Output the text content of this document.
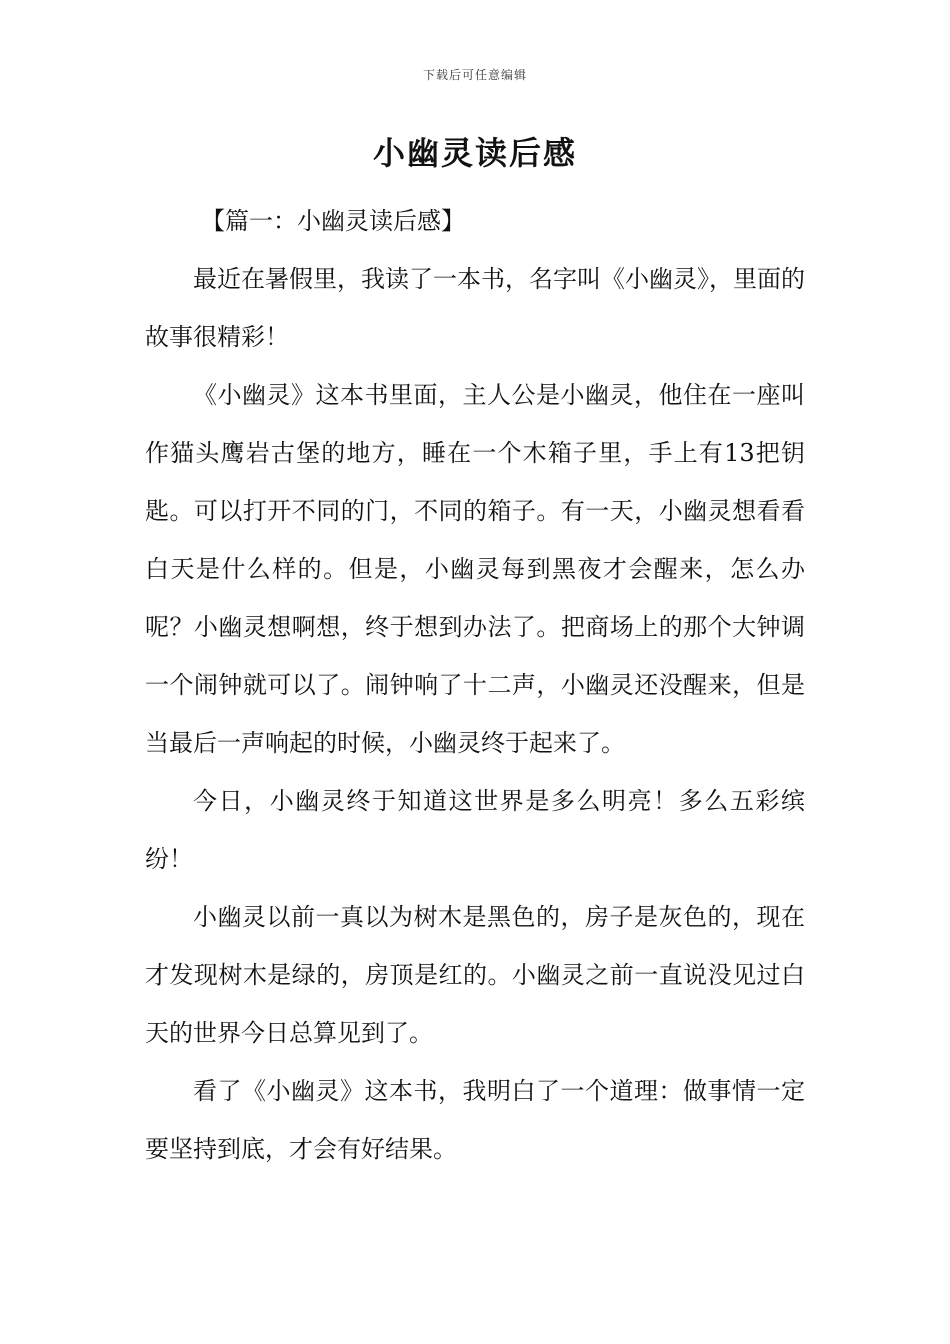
下载后可任意编辑
小幽灵读后感

【篇一：小幽灵读后感】

最近在暑假里，我读了一本书，名字叫《小幽灵》，里面的故事很精彩！

《小幽灵》这本书里面，主人公是小幽灵，他住在一座叫作猫头鹰岩古堡的地方，睡在一个木箱子里，手上有13把钥匙。可以打开不同的门，不同的箱子。有一天，小幽灵想看看白天是什么样的。但是，小幽灵每到黑夜才会醒来，怎么办呢？小幽灵想啊想，终于想到办法了。把商场上的那个大钟调一个闹钟就可以了。闹钟响了十二声，小幽灵还没醒来，但是当最后一声响起的时候，小幽灵终于起来了。

今日，小幽灵终于知道这世界是多么明亮！多么五彩缤纷！

小幽灵以前一真以为树木是黑色的，房子是灰色的，现在才发现树木是绿的，房顶是红的。小幽灵之前一直说没见过白天的世界今日总算见到了。

看了《小幽灵》这本书，我明白了一个道理：做事情一定要坚持到底，才会有好结果。
